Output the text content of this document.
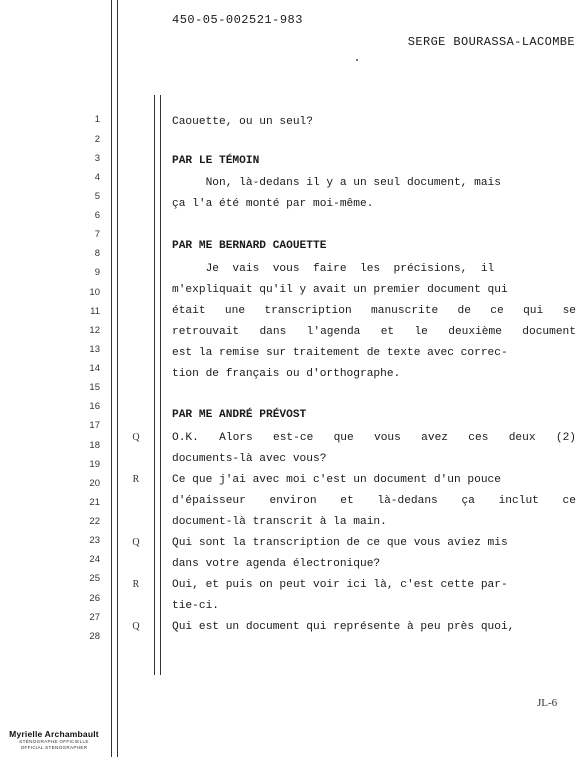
450-05-002521-983
SERGE BOURASSA-LACOMBE
1
2
3
4
5
6
7
8
9
10
11
12
13
14
15
16
17
18
19
20
21
22
23
24
25
26
27
28
Caouette, ou un seul?
PAR LE TÉMOIN
Non, là-dedans il y a un seul document, mais
ça l'a été monté par moi-même.
PAR ME BERNARD CAOUETTE
Je  vais  vous  faire  les  précisions,  il
m'expliquait qu'il y avait un premier document qui
était une transcription manuscrite de ce qui se
retrouvait dans l'agenda et le deuxième document
est la remise sur traitement de texte avec correc-
tion de français ou d'orthographe.
PAR ME ANDRÉ PRÉVOST
Q	O.K. Alors est-ce que vous avez ces deux (2)
documents-là avec vous?
R	Ce que j'ai avec moi c'est un document d'un pouce
d'épaisseur environ et là-dedans ça inclut ce
document-là transcrit à la main.
Q	Qui sont la transcription de ce que vous aviez mis
dans votre agenda électronique?
R	Oui, et puis on peut voir ici là, c'est cette par-
tie-ci.
Q	Qui est un document qui représente à peu près quoi,
JL-6
Myrielle Archambault
STÉNOGRAPHE OFFICIELLE
OFFICIAL STENOGRAPHER
